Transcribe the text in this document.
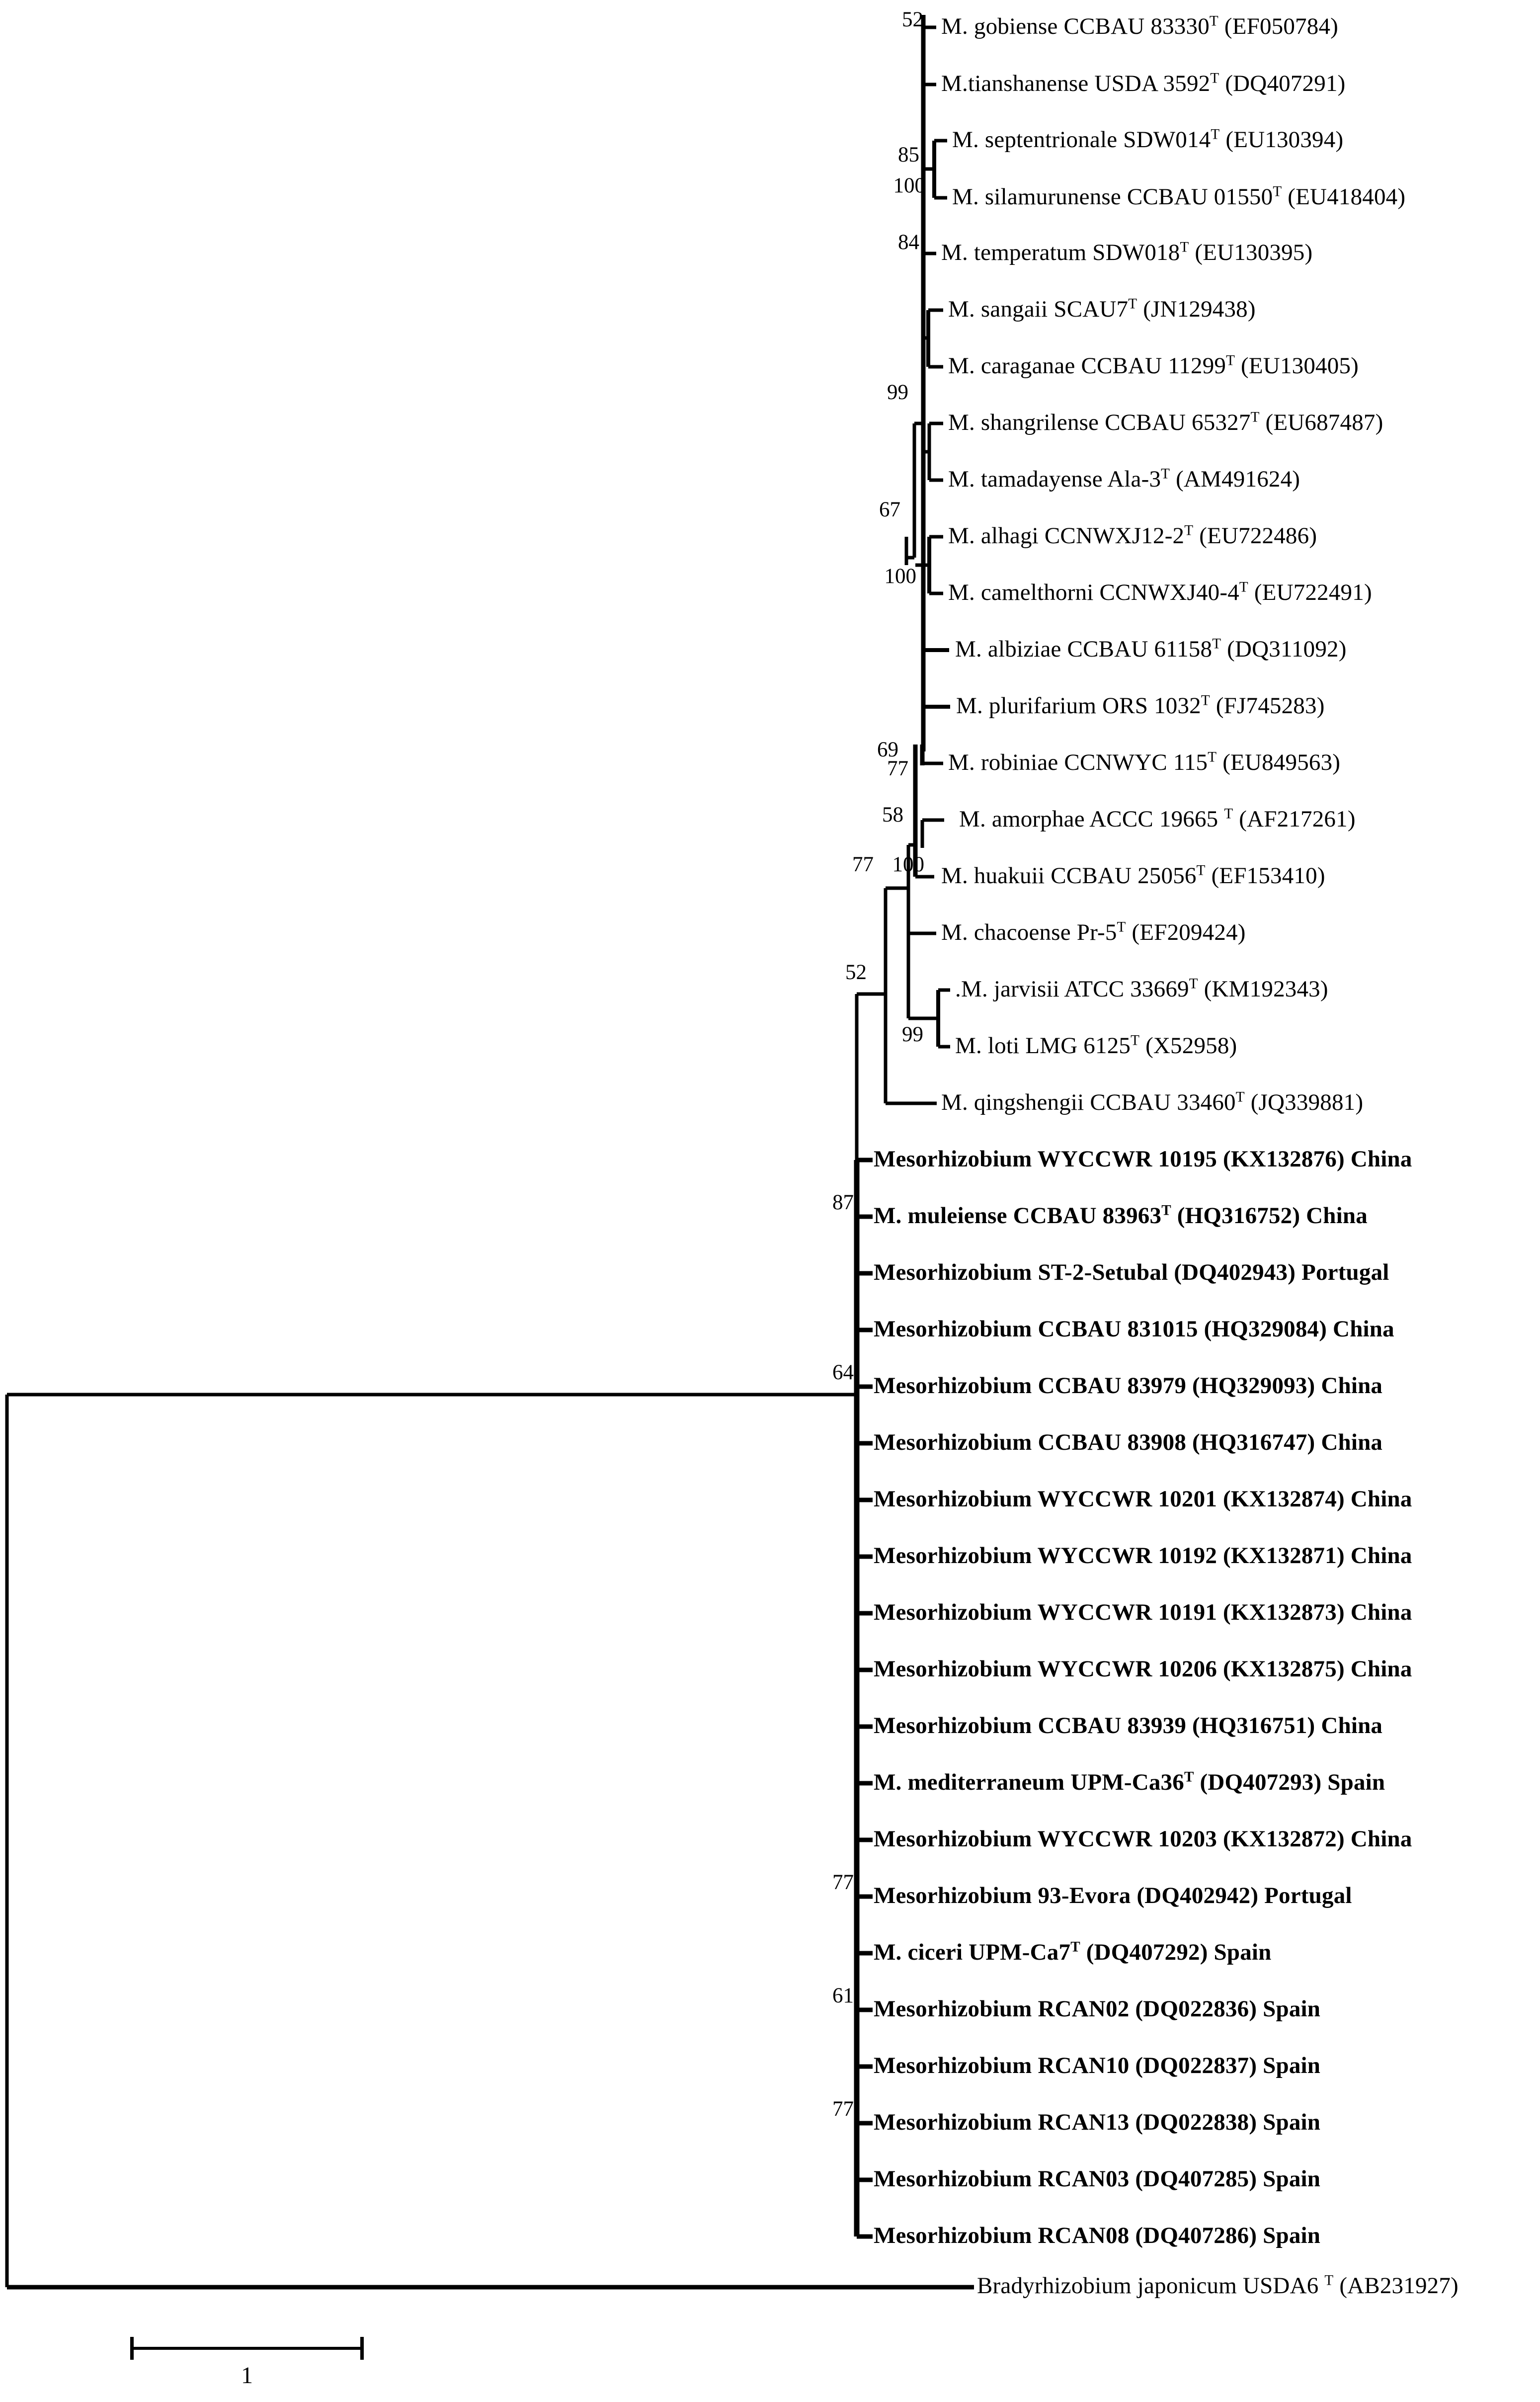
M. gobiense CCBAU $83330^T$ (EF050784)
M.tianshanense USDA $3592^T$ (DQ407291)
M. septentrionale $SDW014^T$ (EU130394)
M. silamurunense CCBAU $01550^T$ (EU418404)
M. temperatum $SDW018^T$ (EU130395)
M. sangaii $SCAU7^T$ (JN129438)
M. caraganae CCBAU $11299^T$ (EU130405)
M. shangrilense CCBAU $65327^T$ (EU687487)
M. tamadayense Ala-$3^T$ (AM491624)
M. alhagi $CCNWXJ12-2^T$ (EU722486)
M. camelthorni $CCNWXJ40-4^T$ (EU722491)
M. albiziae CCBAU $61158^T$ (DQ311092)
M. plurifarium ORS $1032^T$ (FJ745283)
M. robiniae CCNWYC $115^T$ (EU849563)
M. amorphae ACCC 19665 $^T$ (AF217261)
M. huakuii CCBAU $25056^T$ (EF153410)
M. chacoense $Pr-5^T$ (EF209424)
.M. jarvisii ATCC $33669^T$ (KM192343)
M. loti LMG $6125^T$ (X52958)
M. qingshengii CCBAU $33460^T$ (JQ339881)
Mesorhizobium WYCCWR 10195 (KX132876) China
M. muleiense CCBAU $83963^T$ (HQ316752) China
Mesorhizobium ST-2-Setubal (DQ402943) Portugal
Mesorhizobium CCBAU 831015 (HQ329084) China
Mesorhizobium CCBAU 83979 (HQ329093) China
Mesorhizobium CCBAU 83908 (HQ316747) China
Mesorhizobium WYCCWR 10201 (KX132874) China
Mesorhizobium WYCCWR 10192 (KX132871) China
Mesorhizobium WYCCWR 10191 (KX132873) China
Mesorhizobium WYCCWR 10206 (KX132875) China
Mesorhizobium CCBAU 83939 (HQ316751) China
M. mediterraneum UPM-$Ca36^T$ (DQ407293) Spain
Mesorhizobium WYCCWR 10203 (KX132872) China
Mesorhizobium 93-Evora (DQ402942) Portugal
M. ciceri UPM-$Ca7^T$ (DQ407292) Spain
Mesorhizobium RCAN02 (DQ022836) Spain
Mesorhizobium RCAN10 (DQ022837) Spain
Mesorhizobium RCAN13 (DQ022838) Spain
Mesorhizobium RCAN03 (DQ407285) Spain
Mesorhizobium RCAN08 (DQ407286) Spain
Bradyrhizobium japonicum USDA6 $^T$ (AB231927)
52
85
100
84
99
67
100
69
77
58
77 100
52
99
87
64
77
61
77
1
